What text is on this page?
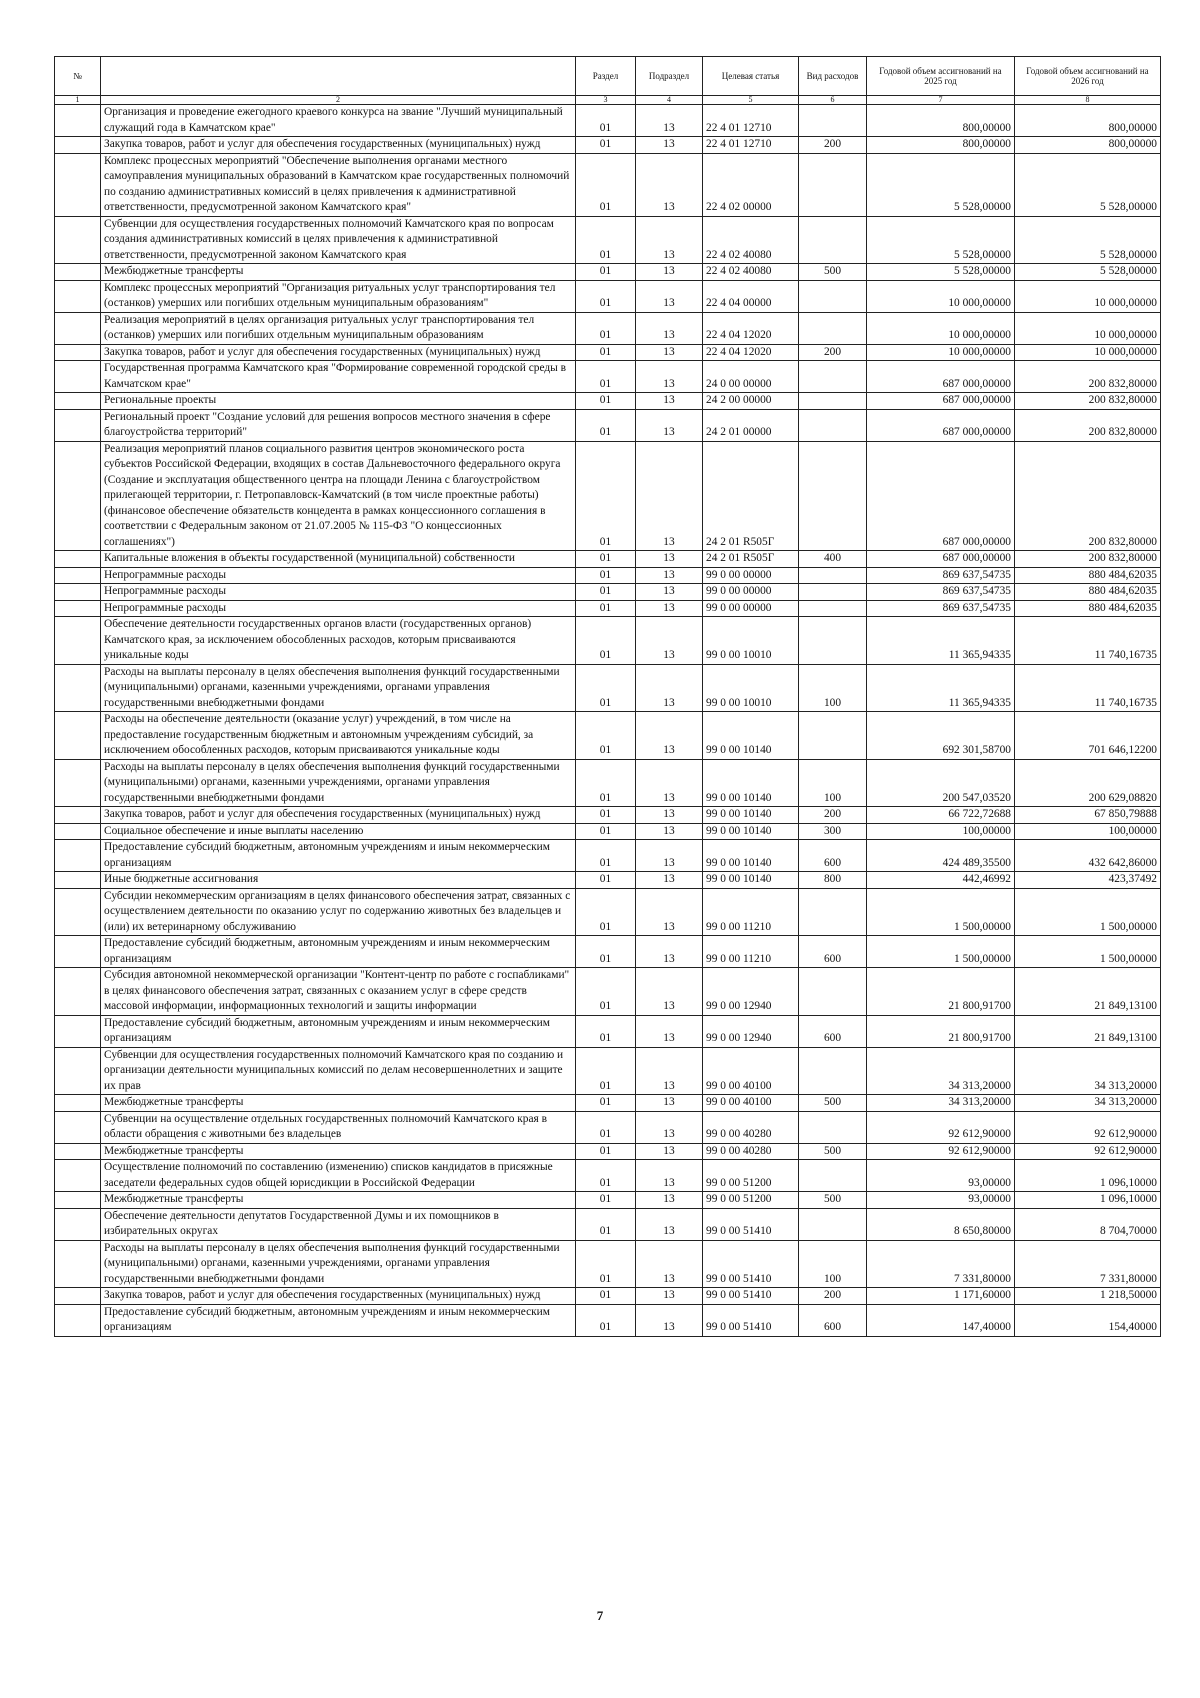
№		Раздел	Подраздел	Целевая статья	Вид расходов	Годовой объем ассигнований на 2025 год	Годовой объем ассигнований на 2026 год
1	2	3	4	5	6	7	8
	Организация и проведение ежегодного краевого конкурса на звание "Лучший муниципальный служащий года в Камчатском крае"	01	13	22 4 01 12710		800,00000	800,00000
	Закупка товаров, работ и услуг для обеспечения государственных (муниципальных) нужд	01	13	22 4 01 12710	200	800,00000	800,00000
	Комплекс процессных мероприятий "Обеспечение выполнения органами местного самоуправления муниципальных образований в Камчатском крае государственных полномочий по созданию административных комиссий в целях привлечения к административной ответственности, предусмотренной законом Камчатского края"	01	13	22 4 02 00000		5 528,00000	5 528,00000
	Субвенции для осуществления государственных полномочий Камчатского края по вопросам создания административных комиссий в целях привлечения к административной ответственности, предусмотренной законом Камчатского края	01	13	22 4 02 40080		5 528,00000	5 528,00000
	Межбюджетные трансферты	01	13	22 4 02 40080	500	5 528,00000	5 528,00000
	Комплекс процессных мероприятий "Организация ритуальных услуг транспортирования тел (останков) умерших или погибших отдельным муниципальным образованиям"	01	13	22 4 04 00000		10 000,00000	10 000,00000
	Реализация мероприятий в целях организация ритуальных услуг транспортирования тел (останков) умерших или погибших отдельным муниципальным образованиям	01	13	22 4 04 12020		10 000,00000	10 000,00000
	Закупка товаров, работ и услуг для обеспечения государственных (муниципальных) нужд	01	13	22 4 04 12020	200	10 000,00000	10 000,00000
	Государственная программа Камчатского края "Формирование современной городской среды в Камчатском крае"	01	13	24 0 00 00000		687 000,00000	200 832,80000
	Региональные проекты	01	13	24 2 00 00000		687 000,00000	200 832,80000
	Региональный проект "Создание условий для решения вопросов местного значения в сфере благоустройства территорий"	01	13	24 2 01 00000		687 000,00000	200 832,80000
	Реализация мероприятий планов социального развития центров экономического роста субъектов Российской Федерации, входящих в состав Дальневосточного федерального округа (Создание и эксплуатация общественного центра на площади Ленина с благоустройством прилегающей территории, г. Петропавловск-Камчатский (в том числе проектные работы) (финансовое обеспечение обязательств концедента в рамках концессионного соглашения в соответствии с Федеральным законом от 21.07.2005 № 115-ФЗ "О концессионных соглашениях")	01	13	24 2 01 R505Г		687 000,00000	200 832,80000
	Капитальные вложения в объекты государственной (муниципальной) собственности	01	13	24 2 01 R505Г	400	687 000,00000	200 832,80000
	Непрограммные расходы	01	13	99 0 00 00000		869 637,54735	880 484,62035
	Непрограммные расходы	01	13	99 0 00 00000		869 637,54735	880 484,62035
	Непрограммные расходы	01	13	99 0 00 00000		869 637,54735	880 484,62035
	Обеспечение деятельности государственных органов власти (государственных органов) Камчатского края, за исключением обособленных расходов, которым присваиваются уникальные коды	01	13	99 0 00 10010		11 365,94335	11 740,16735
	Расходы на выплаты персоналу в целях обеспечения выполнения функций государственными (муниципальными) органами, казенными учреждениями, органами управления государственными внебюджетными фондами	01	13	99 0 00 10010	100	11 365,94335	11 740,16735
	Расходы на обеспечение деятельности (оказание услуг) учреждений, в том числе на предоставление государственным бюджетным и автономным учреждениям субсидий, за исключением обособленных расходов, которым присваиваются уникальные коды	01	13	99 0 00 10140		692 301,58700	701 646,12200
	Расходы на выплаты персоналу в целях обеспечения выполнения функций государственными (муниципальными) органами, казенными учреждениями, органами управления государственными внебюджетными фондами	01	13	99 0 00 10140	100	200 547,03520	200 629,08820
	Закупка товаров, работ и услуг для обеспечения государственных (муниципальных) нужд	01	13	99 0 00 10140	200	66 722,72688	67 850,79888
	Социальное обеспечение и иные выплаты населению	01	13	99 0 00 10140	300	100,00000	100,00000
	Предоставление субсидий бюджетным, автономным учреждениям и иным некоммерческим организациям	01	13	99 0 00 10140	600	424 489,35500	432 642,86000
	Иные бюджетные ассигнования	01	13	99 0 00 10140	800	442,46992	423,37492
	Субсидии некоммерческим организациям в целях финансового обеспечения затрат, связанных с осуществлением деятельности по оказанию услуг по содержанию животных без владельцев и (или) их ветеринарному обслуживанию	01	13	99 0 00 11210		1 500,00000	1 500,00000
	Предоставление субсидий бюджетным, автономным учреждениям и иным некоммерческим организациям	01	13	99 0 00 11210	600	1 500,00000	1 500,00000
	Субсидия автономной некоммерческой организации "Контент-центр по работе с госпабликами" в целях финансового обеспечения затрат, связанных с оказанием услуг в сфере средств массовой информации, информационных технологий и защиты информации	01	13	99 0 00 12940		21 800,91700	21 849,13100
	Предоставление субсидий бюджетным, автономным учреждениям и иным некоммерческим организациям	01	13	99 0 00 12940	600	21 800,91700	21 849,13100
	Субвенции для осуществления государственных полномочий Камчатского края по созданию и организации деятельности муниципальных комиссий по делам несовершеннолетних и защите их прав	01	13	99 0 00 40100		34 313,20000	34 313,20000
	Межбюджетные трансферты	01	13	99 0 00 40100	500	34 313,20000	34 313,20000
	Субвенции на осуществление отдельных государственных полномочий Камчатского края в области обращения с животными без владельцев	01	13	99 0 00 40280		92 612,90000	92 612,90000
	Межбюджетные трансферты	01	13	99 0 00 40280	500	92 612,90000	92 612,90000
	Осуществление полномочий по составлению (изменению) списков кандидатов в присяжные заседатели федеральных судов общей юрисдикции в Российской Федерации	01	13	99 0 00 51200		93,00000	1 096,10000
	Межбюджетные трансферты	01	13	99 0 00 51200	500	93,00000	1 096,10000
	Обеспечение деятельности депутатов Государственной Думы и их помощников в избирательных округах	01	13	99 0 00 51410		8 650,80000	8 704,70000
	Расходы на выплаты персоналу в целях обеспечения выполнения функций государственными (муниципальными) органами, казенными учреждениями, органами управления государственными внебюджетными фондами	01	13	99 0 00 51410	100	7 331,80000	7 331,80000
	Закупка товаров, работ и услуг для обеспечения государственных (муниципальных) нужд	01	13	99 0 00 51410	200	1 171,60000	1 218,50000
	Предоставление субсидий бюджетным, автономным учреждениям и иным некоммерческим организациям	01	13	99 0 00 51410	600	147,40000	154,40000
7
